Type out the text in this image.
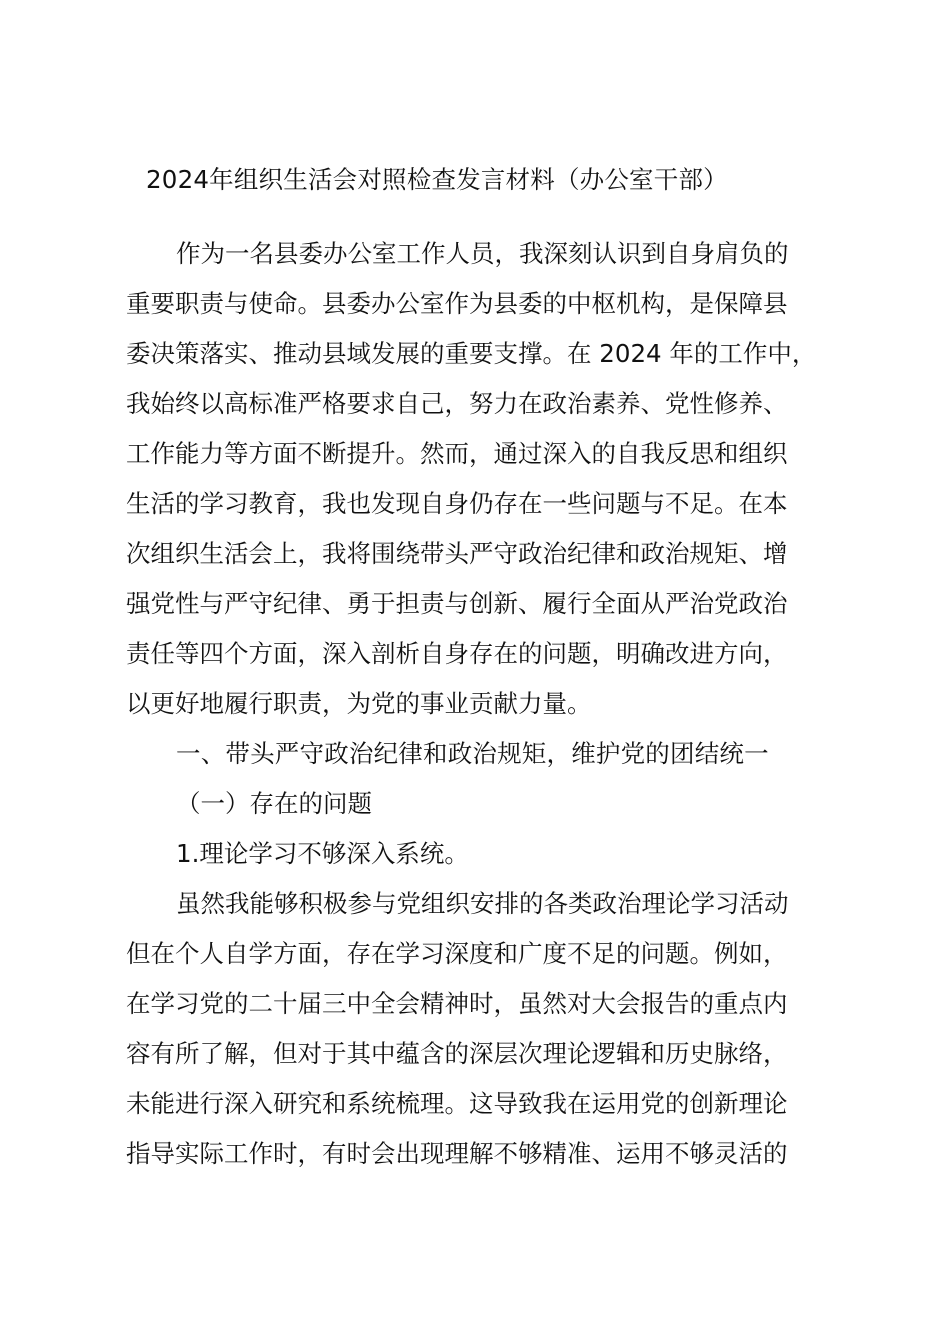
2024年组织生活会对照检查发言材料（办公室干部）
作为一名县委办公室工作人员，我深刻认识到自身肩负的
重要职责与使命。县委办公室作为县委的中枢机构，是保障县
委决策落实、推动县域发展的重要支撑。在 2024 年的工作中，
我始终以高标准严格要求自己，努力在政治素养、党性修养、
工作能力等方面不断提升。然而，通过深入的自我反思和组织
生活的学习教育，我也发现自身仍存在一些问题与不足。在本
次组织生活会上，我将围绕带头严守政治纪律和政治规矩、增
强党性与严守纪律、勇于担责与创新、履行全面从严治党政治
责任等四个方面，深入剖析自身存在的问题，明确改进方向，
以更好地履行职责，为党的事业贡献力量。
一、带头严守政治纪律和政治规矩，维护党的团结统一
（一）存在的问题
1.理论学习不够深入系统。
虽然我能够积极参与党组织安排的各类政治理论学习活动
但在个人自学方面，存在学习深度和广度不足的问题。例如，
在学习党的二十届三中全会精神时，虽然对大会报告的重点内
容有所了解，但对于其中蕴含的深层次理论逻辑和历史脉络，
未能进行深入研究和系统梳理。这导致我在运用党的创新理论
指导实际工作时，有时会出现理解不够精准、运用不够灵活的
